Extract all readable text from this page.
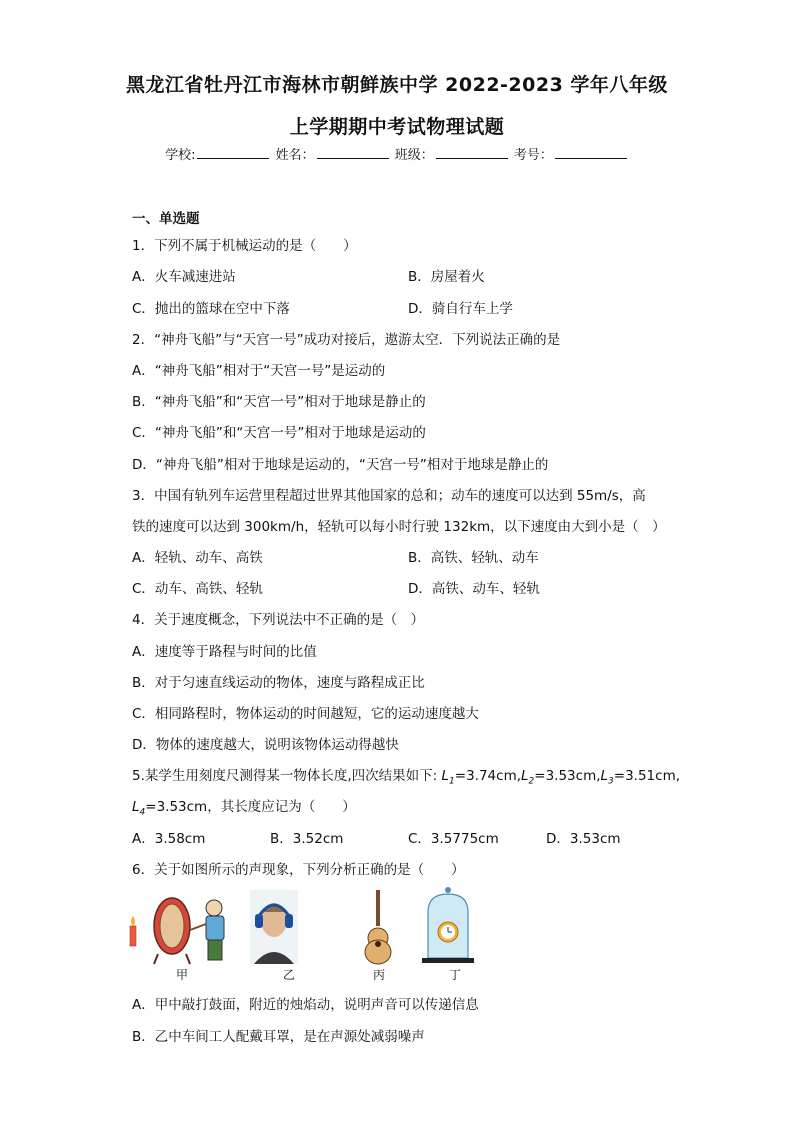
黑龙江省牡丹江市海林市朝鲜族中学 2022-2023 学年八年级
上学期期中考试物理试题
学校:	姓名：	班级：	考号：
一、单选题
1．下列不属于机械运动的是（　　）
A．火车减速进站	B．房屋着火
C．抛出的篮球在空中下落	D．骑自行车上学
2．“神舟飞船”与“天宫一号”成功对接后，遨游太空．下列说法正确的是
A．“神舟飞船”相对于“天宫一号”是运动的
B．“神舟飞船”和“天宫一号”相对于地球是静止的
C．“神舟飞船”和“天宫一号”相对于地球是运动的
D．“神舟飞船”相对于地球是运动的，“天宫一号”相对于地球是静止的
3．中国有轨列车运营里程超过世界其他国家的总和；动车的速度可以达到 55m/s，高
铁的速度可以达到 300km/h，轻轨可以每小时行驶 132km，以下速度由大到小是（　）
A．轻轨、动车、高铁	B．高铁、轻轨、动车
C．动车、高铁、轻轨	D．高铁、动车、轻轨
4．关于速度概念，下列说法中不正确的是（　）
A．速度等于路程与时间的比值
B．对于匀速直线运动的物体，速度与路程成正比
C．相同路程时，物体运动的时间越短，它的运动速度越大
D．物体的速度越大，说明该物体运动得越快
5.某学生用刻度尺测得某一物体长度,四次结果如下: $L_1=3.74cm,L_2=3.53cm,L_3=3.51cm$,
$L_4=3.53cm$，其长度应记为（　　）
A．3.58cm	B．3.52cm	C．3.5775cm	D．3.53cm
6．关于如图所示的声现象，下列分析正确的是（　　）
甲	乙	丙	丁
A．甲中敲打鼓面，附近的烛焰动，说明声音可以传递信息
B．乙中车间工人配戴耳罩，是在声源处减弱噪声
